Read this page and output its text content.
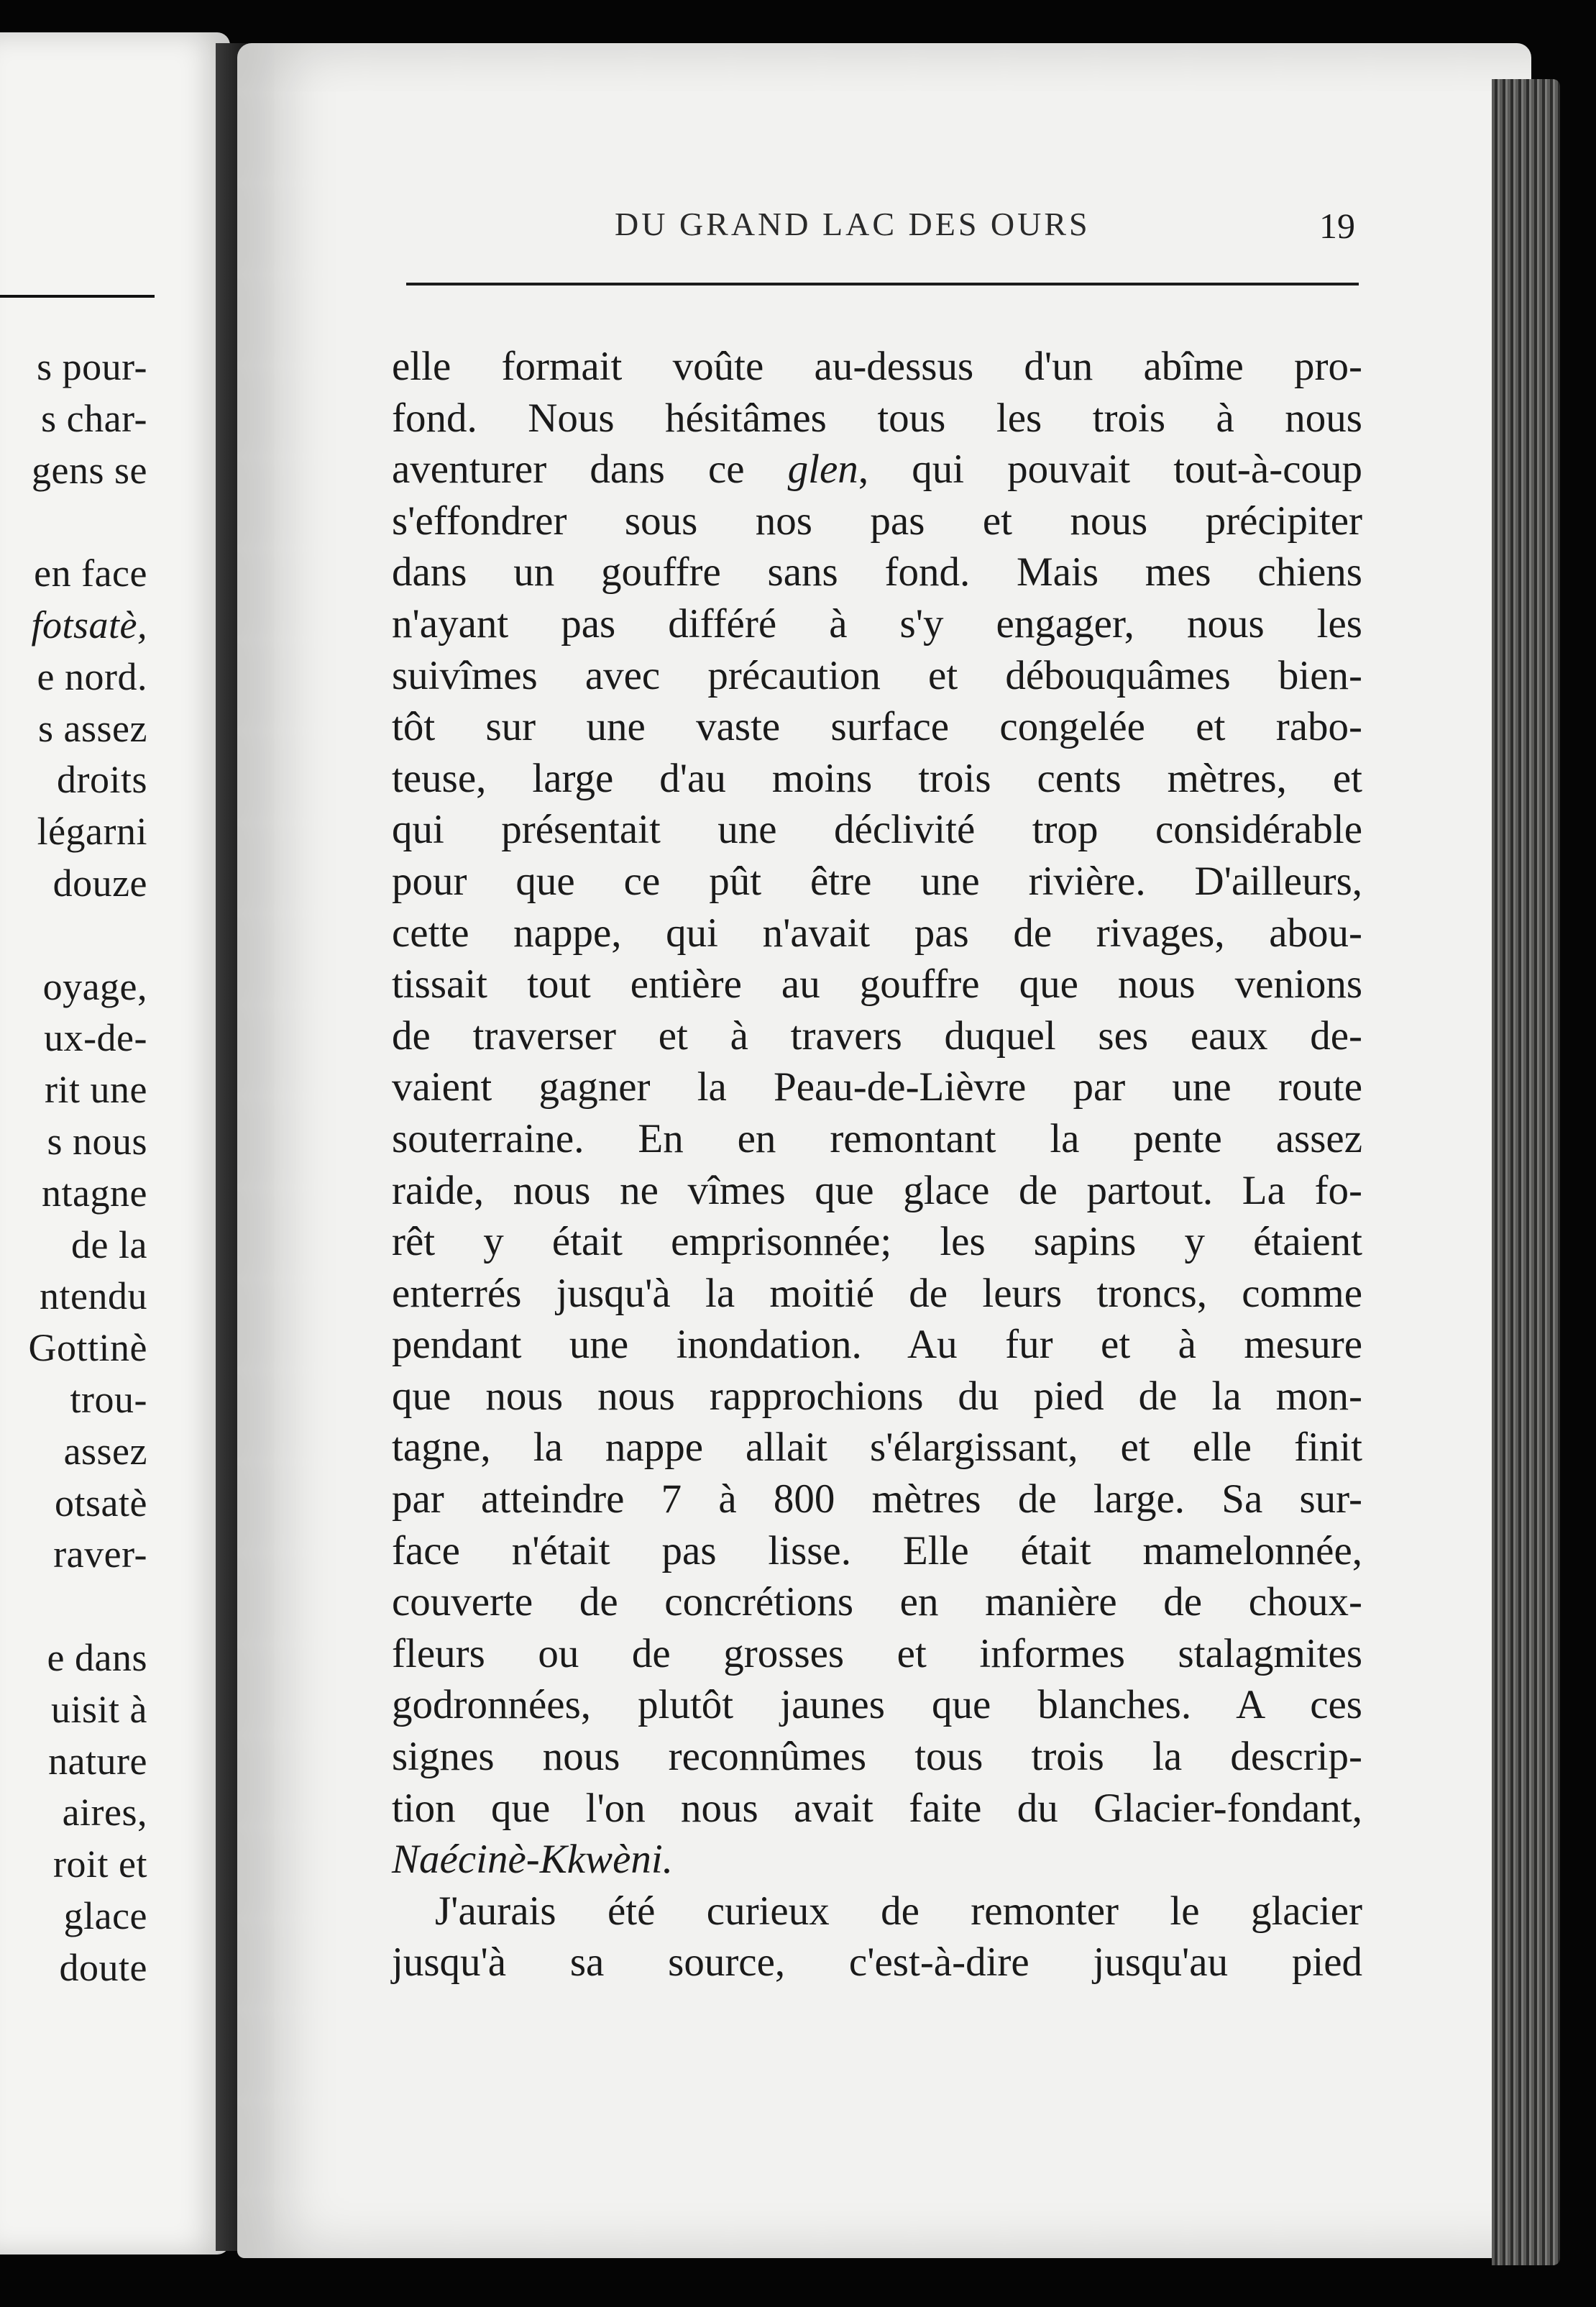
s pour-
s char-
gens se
en face
fotsatè,
e nord.
s assez
droits
légarni
douze
oyage,
ux-de-
rit une
s nous
ntagne
de la
ntendu
Gottinè
trou-
assez
otsatè
raver-
e dans
uisit à
nature
aires,
roit et
glace
doute
DU GRAND LAC DES OURS	19
elle formait voûte au-dessus d'un abîme pro-
fond. Nous hésitâmes tous les trois à nous
aventurer dans ce glen, qui pouvait tout-à-coup
s'effondrer sous nos pas et nous précipiter
dans un gouffre sans fond. Mais mes chiens
n'ayant pas différé à s'y engager, nous les
suivîmes avec précaution et débouquâmes bien-
tôt sur une vaste surface congelée et rabo-
teuse, large d'au moins trois cents mètres, et
qui présentait une déclivité trop considérable
pour que ce pût être une rivière. D'ailleurs,
cette nappe, qui n'avait pas de rivages, abou-
tissait tout entière au gouffre que nous venions
de traverser et à travers duquel ses eaux de-
vaient gagner la Peau-de-Lièvre par une route
souterraine. En en remontant la pente assez
raide, nous ne vîmes que glace de partout. La fo-
rêt y était emprisonnée; les sapins y étaient
enterrés jusqu'à la moitié de leurs troncs, comme
pendant une inondation. Au fur et à mesure
que nous nous rapprochions du pied de la mon-
tagne, la nappe allait s'élargissant, et elle finit
par atteindre 7 à 800 mètres de large. Sa sur-
face n'était pas lisse. Elle était mamelonnée,
couverte de concrétions en manière de choux-
fleurs ou de grosses et informes stalagmites
godronnées, plutôt jaunes que blanches. A ces
signes nous reconnûmes tous trois la descrip-
tion que l'on nous avait faite du Glacier-fondant,
Naécinè-Kkwèni.
J'aurais été curieux de remonter le glacier
jusqu'à sa source, c'est-à-dire jusqu'au pied
